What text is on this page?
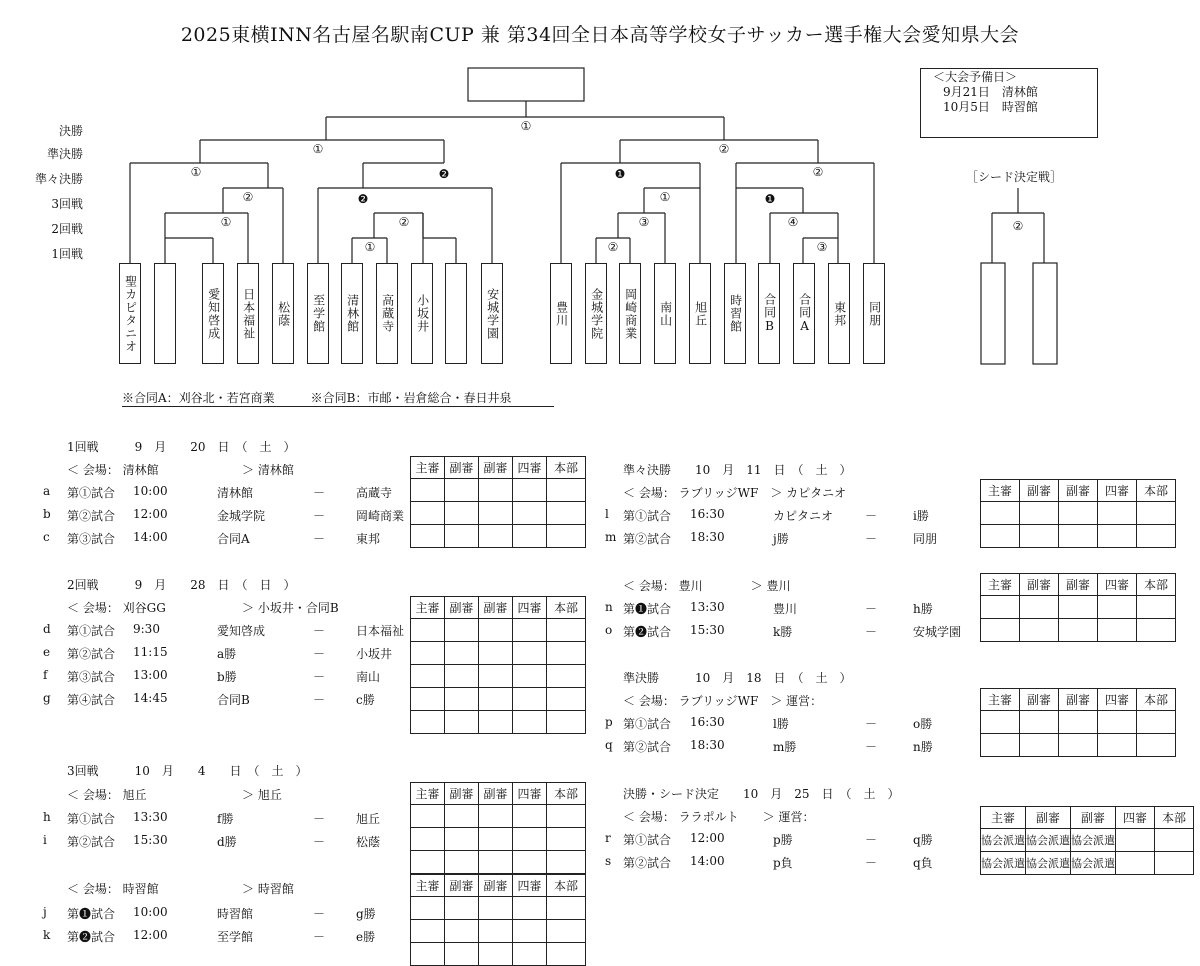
2025東横INN名古屋名駅南CUP 兼 第34回全日本高等学校女子サッカー選手権大会愛知県大会
決勝
準決勝
準々決勝
3回戦
2回戦
1回戦
①
①	②
①
②
②
①
❷
❷	②
①
❶
①
③
②
❶
②
④
③
［シード決定戦］
＜大会予備日＞
9月21日　清林館
10月5日　時習館
聖カピタニオ	愛知啓成 日本福祉 松蔭 至学館 清林館 高蔵寺 小坂井	安城学園	豊川 金城学院 岡崎商業 南山 旭丘 時習館 合同B 合同A 東邦 同朋
※合同A：刈谷北・若宮商業　　　※合同B：市邮・岩倉総合・春日井泉
1回戦　　　9　月　　20　日　（　土　）
＜ 会場： 清林館	＞ 清林館
a 第①試合 10:00	清林館	－	高蔵寺
b 第②試合 12:00	金城学院	－	岡崎商業
c 第③試合 14:00	合同A	－	東邦
主審	副審	副審	四審	本部

2回戦　　　9　月　　28　日　（　日　）
＜ 会場： 刈谷GG	＞ 小坂井・合同B
d 第①試合 9:30	愛知啓成	－	日本福祉
e 第②試合 11:15	a勝	－	小坂井
f 第③試合 13:00	b勝	－	南山
g 第④試合 14:45	合同B	－	c勝
主審	副審	副審	四審	本部

3回戦　　　10　月　　4　　日　（　土　）
＜ 会場： 旭丘	＞ 旭丘
h 第①試合 13:30	f勝	－	旭丘
i 第②試合 15:30	d勝	－	松蔭
主審	副審	副審	四審	本部

＜ 会場： 時習館	＞ 時習館
j 第❶試合 10:00	時習館	－	g勝
k 第❷試合 12:00	至学館	－	e勝
主審	副審	副審	四審	本部

準々決勝　　10　月　11　日　（　土　）
＜ 会場： ラブリッジWF　＞ カピタニオ
l 第①試合 16:30	カピタニオ	－	i勝
m 第②試合 18:30	j勝	－	同朋
主審	副審	副審	四審	本部

＜ 会場： 豊川　　　　＞ 豊川
n 第❶試合 13:30	豊川	－	h勝
o 第❷試合 15:30	k勝	－	安城学園
主審	副審	副審	四審	本部

準決勝　　　10　月　18　日　（　土　）
＜ 会場： ラブリッジWF　＞ 運営：
p 第①試合 16:30	l勝	－	o勝
q 第②試合 18:30	m勝	－	n勝
主審	副審	副審	四審	本部

決勝・シード決定　　10　月　25　日　（　土　）
＜ 会場： ララポルト　　＞ 運営：
r 第①試合 12:00	p勝	－	q勝
s 第②試合 14:00	p負	－	q負
主審	副審	副審	四審	本部
協会派遣	協会派遣	協会派遣		
協会派遣	協会派遣	協会派遣		
